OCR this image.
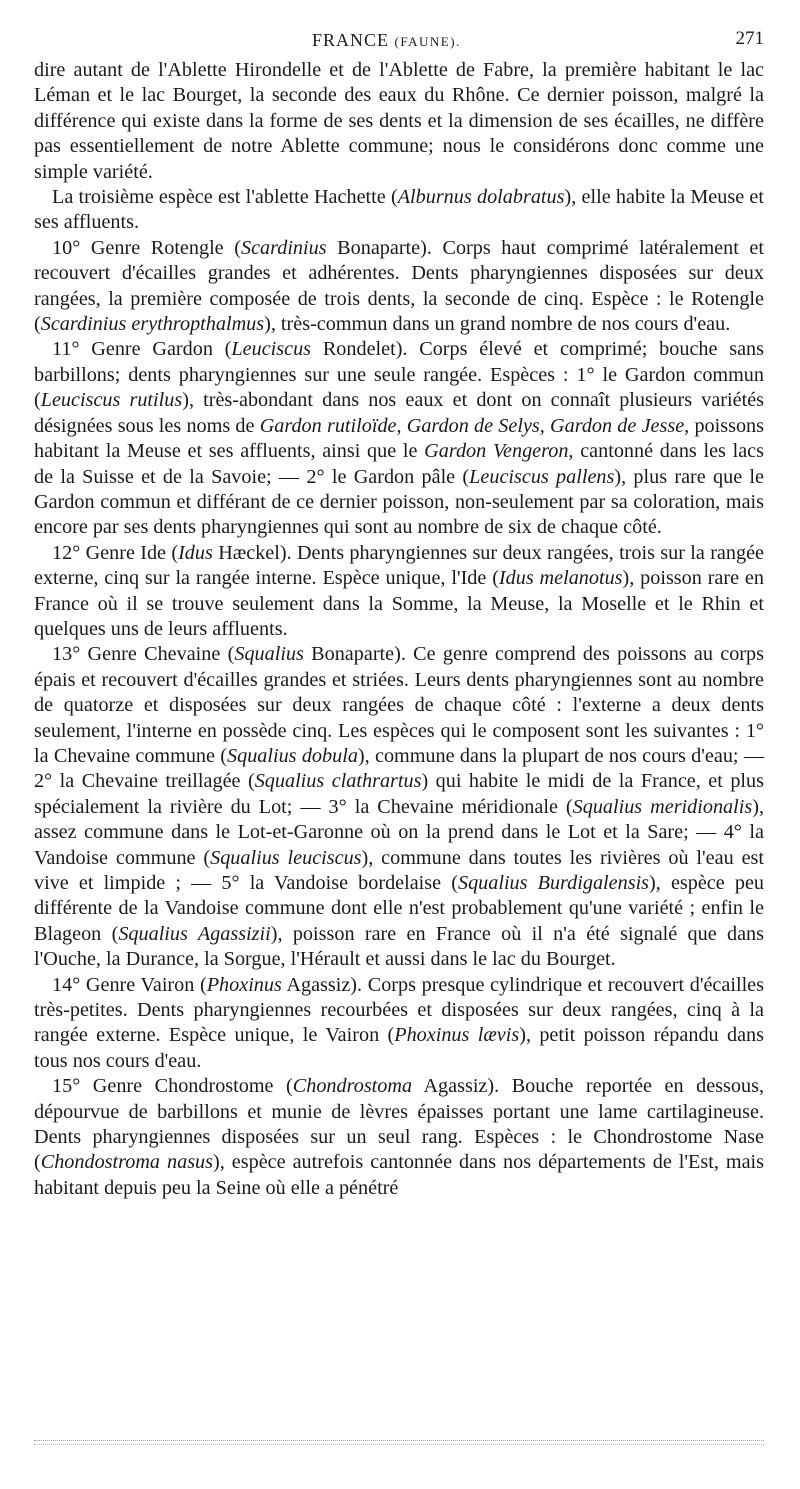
FRANCE (FAUNE).	271

dire autant de l'Ablette Hirondelle et de l'Ablette de Fabre, la première habitant le lac Léman et le lac Bourget, la seconde des eaux du Rhône. Ce dernier poisson, malgré la différence qui existe dans la forme de ses dents et la dimension de ses écailles, ne diffère pas essentiellement de notre Ablette commune; nous le considérons donc comme une simple variété.

La troisième espèce est l'ablette Hachette (Alburnus dolabratus), elle habite la Meuse et ses affluents.

10° Genre Rotengle (Scardinius Bonaparte). Corps haut comprimé latéralement et recouvert d'écailles grandes et adhérentes. Dents pharyngiennes disposées sur deux rangées, la première composée de trois dents, la seconde de cinq. Espèce : le Rotengle (Scardinius erythropthalmus), très-commun dans un grand nombre de nos cours d'eau.

11° Genre Gardon (Leuciscus Rondelet). Corps élevé et comprimé; bouche sans barbillons; dents pharyngiennes sur une seule rangée. Espèces : 1° le Gardon commun (Leuciscus rutilus), très-abondant dans nos eaux et dont on connaît plusieurs variétés désignées sous les noms de Gardon rutiloïde, Gardon de Selys, Gardon de Jesse, poissons habitant la Meuse et ses affluents, ainsi que le Gardon Vengeron, cantonné dans les lacs de la Suisse et de la Savoie; — 2° le Gardon pâle (Leuciscus pallens), plus rare que le Gardon commun et différant de ce dernier poisson, non-seulement par sa coloration, mais encore par ses dents pharyngiennes qui sont au nombre de six de chaque côté.

12° Genre Ide (Idus Hæckel). Dents pharyngiennes sur deux rangées, trois sur la rangée externe, cinq sur la rangée interne. Espèce unique, l'Ide (Idus melanotus), poisson rare en France où il se trouve seulement dans la Somme, la Meuse, la Moselle et le Rhin et quelques uns de leurs affluents.

13° Genre Chevaine (Squalius Bonaparte). Ce genre comprend des poissons au corps épais et recouvert d'écailles grandes et striées. Leurs dents pharyngiennes sont au nombre de quatorze et disposées sur deux rangées de chaque côté : l'externe a deux dents seulement, l'interne en possède cinq. Les espèces qui le composent sont les suivantes : 1° la Chevaine commune (Squalius dobula), commune dans la plupart de nos cours d'eau; — 2° la Chevaine treillagée (Squalius clathrartus) qui habite le midi de la France, et plus spécialement la rivière du Lot; — 3° la Chevaine méridionale (Squalius meridionalis), assez commune dans le Lot-et-Garonne où on la prend dans le Lot et la Sare; — 4° la Vandoise commune (Squalius leuciscus), commune dans toutes les rivières où l'eau est vive et limpide ; — 5° la Vandoise bordelaise (Squalius Burdigalensis), espèce peu différente de la Vandoise commune dont elle n'est probablement qu'une variété ; enfin le Blageon (Squalius Agassizii), poisson rare en France où il n'a été signalé que dans l'Ouche, la Durance, la Sorgue, l'Hérault et aussi dans le lac du Bourget.

14° Genre Vairon (Phoxinus Agassiz). Corps presque cylindrique et recouvert d'écailles très-petites. Dents pharyngiennes recourbées et disposées sur deux rangées, cinq à la rangée externe. Espèce unique, le Vairon (Phoxinus lævis), petit poisson répandu dans tous nos cours d'eau.

15° Genre Chondrostome (Chondrostoma Agassiz). Bouche reportée en dessous, dépourvue de barbillons et munie de lèvres épaisses portant une lame cartilagineuse. Dents pharyngiennes disposées sur un seul rang. Espèces : le Chondrostome Nase (Chondostroma nasus), espèce autrefois cantonnée dans nos départements de l'Est, mais habitant depuis peu la Seine où elle a pénétré
